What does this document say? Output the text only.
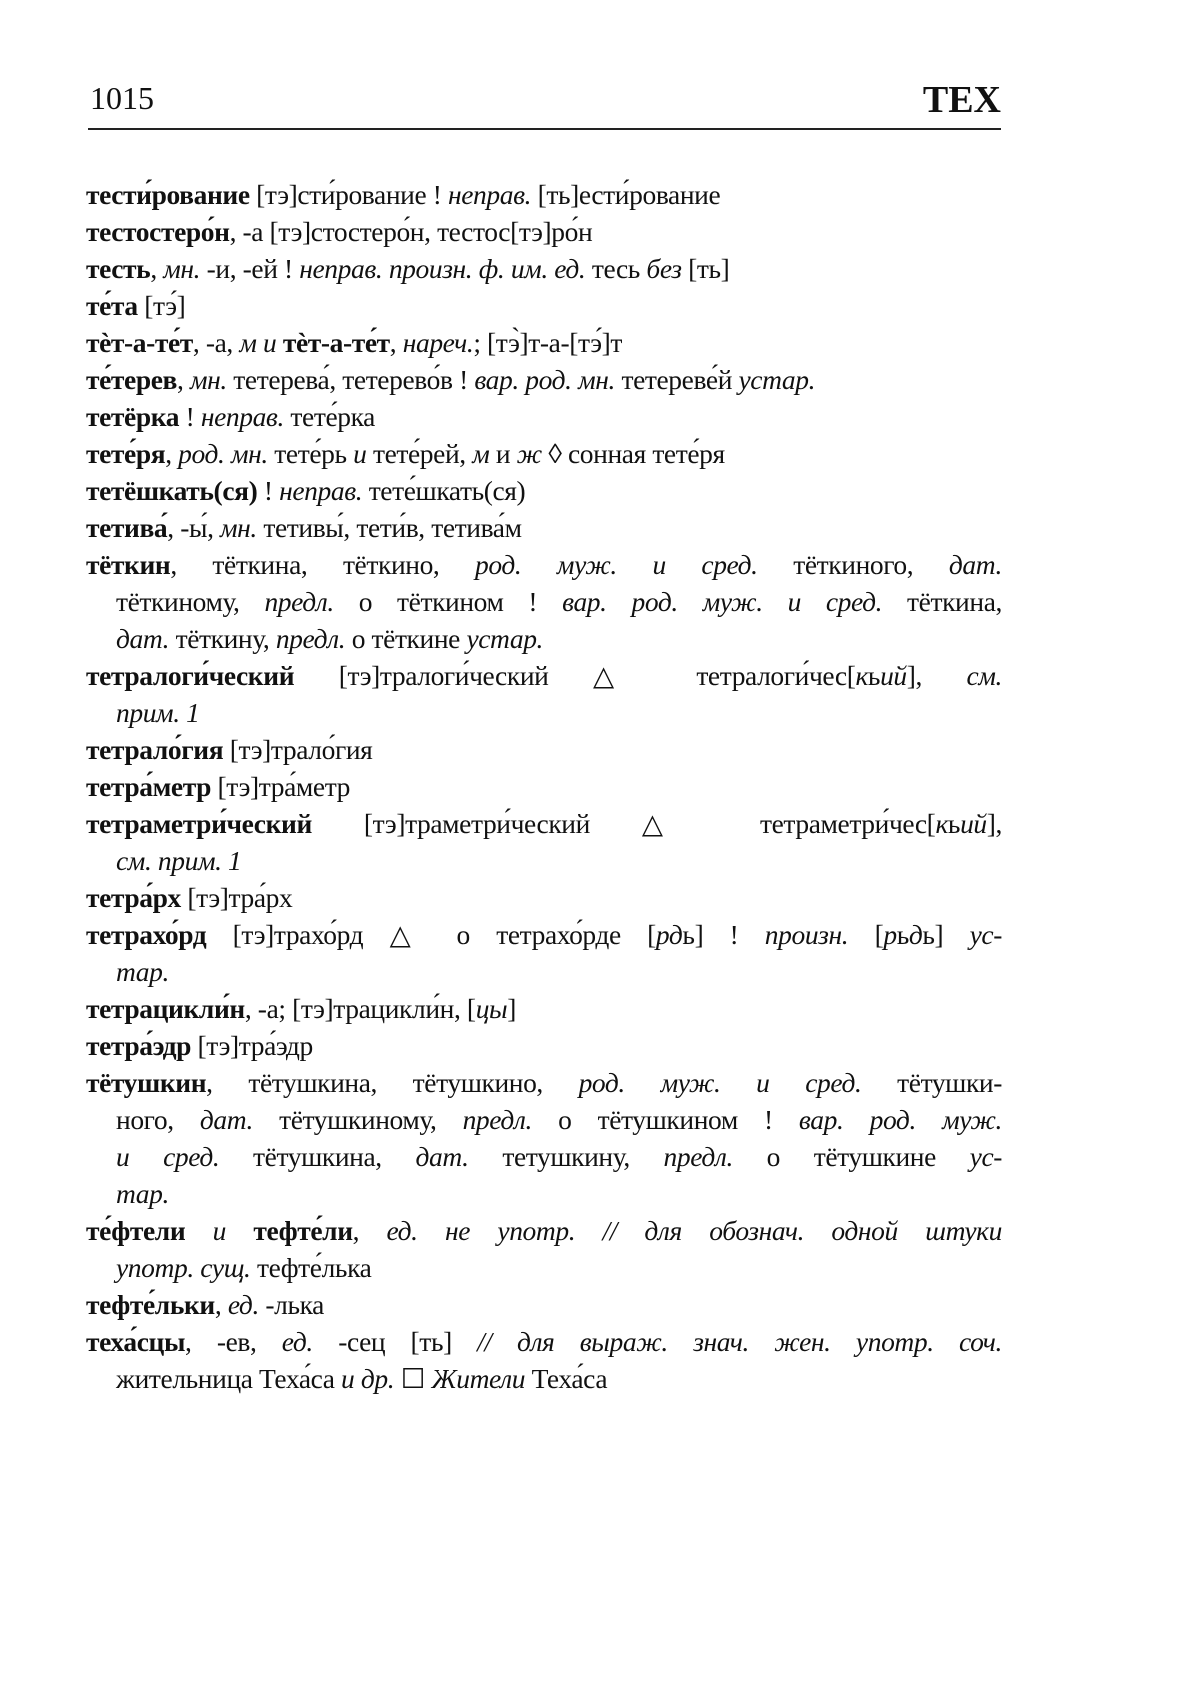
1015	ТЕХ
тести́рование [тэ]сти́рование ! неправ. [ть]ести́рование
тестостеро́н, -а [тэ]стостеро́н, тестос[тэ]ро́н
тесть, мн. -и, -ей ! неправ. произн. ф. им. ед. тесь без [ть]
те́та [тэ́]
тѐт-а-те́т, -а, м и тѐт-а-те́т, нареч.; [тэ̀]т-а-[тэ́]т
те́терев, мн. тетерева́, тетерево́в ! вар. род. мн. тетереве́й устар.
тетёрка ! неправ. тете́рка
тете́ря, род. мн. тете́рь и тете́рей, м и ж ◊ сонная тете́ря
тетёшкать(ся) ! неправ. тете́шкать(ся)
тетива́, -ы́, мн. тетивы́, тети́в, тетива́м
тёткин, тёткина, тёткино, род. муж. и сред. тёткиного, дат.
тёткиному, предл. о тёткином ! вар. род. муж. и сред. тёткина,
дат. тёткину, предл. о тёткине устар.
тетралоги́ческий [тэ]тралоги́ческий △ тетралоги́чес[кьий], см.
прим. 1
тетрало́гия [тэ]трало́гия
тетра́метр [тэ]тра́метр
тетраметри́ческий [тэ]траметри́ческий △ тетраметри́чес[кьий],
см. прим. 1
тетра́рх [тэ]тра́рх
тетрахо́рд [тэ]трахо́рд △ о тетрахо́рде [рдь] ! произн. [рьдь] ус-
тар.
тетрацикли́н, -а; [тэ]трацикли́н, [цы]
тетра́эдр [тэ]тра́эдр
тётушкин, тётушкина, тётушкино, род. муж. и сред. тётушки-
ного, дат. тётушкиному, предл. о тётушкином ! вар. род. муж.
и сред. тётушкина, дат. тетушкину, предл. о тётушкине ус-
тар.
те́фтели и тефте́ли, ед. не употр. // для обознач. одной штуки
употр. сущ. тефте́лька
тефте́льки, ед. -лька
теха́сцы, -ев, ед. -сец [ть] // для выраж. знач. жен. употр. соч.
жительница Теха́са и др. ☐ Жители Теха́са
